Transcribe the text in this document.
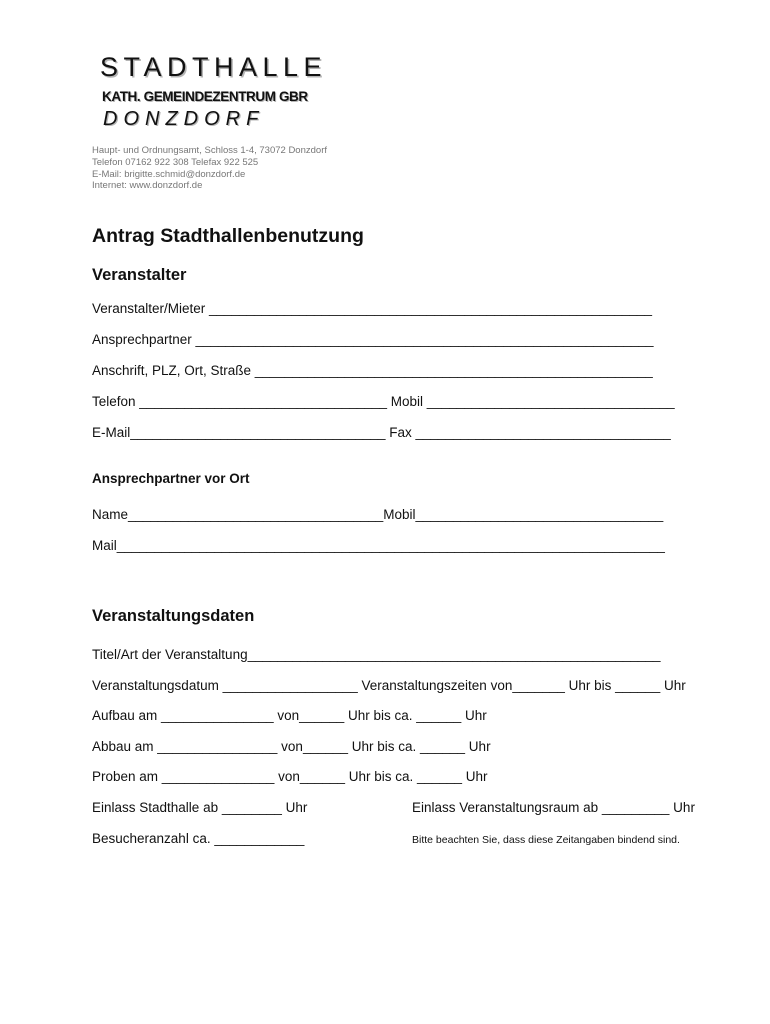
STADTHALLE
KATH. GEMEINDEZENTRUM GBR
DONZDORF
Haupt- und Ordnungsamt, Schloss 1-4, 73072 Donzdorf
Telefon 07162 922 308 Telefax 922 525
E-Mail: brigitte.schmid@donzdorf.de
Internet: www.donzdorf.de
Antrag Stadthallenbenutzung
Veranstalter
Veranstalter/Mieter ___________________________________________________________
Ansprechpartner _____________________________________________________________
Anschrift, PLZ, Ort, Straße _____________________________________________________
Telefon _________________________________ Mobil _________________________________
E-Mail__________________________________ Fax __________________________________
Ansprechpartner vor Ort
Name__________________________________Mobil_________________________________
Mail_________________________________________________________________________
Veranstaltungsdaten
Titel/Art der Veranstaltung_______________________________________________________
Veranstaltungsdatum __________________ Veranstaltungszeiten von_______ Uhr bis ______ Uhr
Aufbau am _______________ von______ Uhr bis ca. ______ Uhr
Abbau am ________________ von______ Uhr bis ca. ______ Uhr
Proben am _______________ von______ Uhr bis ca. ______ Uhr
Einlass Stadthalle ab ________ Uhr	Einlass Veranstaltungsraum ab _________ Uhr
Besucheranzahl ca. ____________	Bitte beachten Sie, dass diese Zeitangaben bindend sind.
